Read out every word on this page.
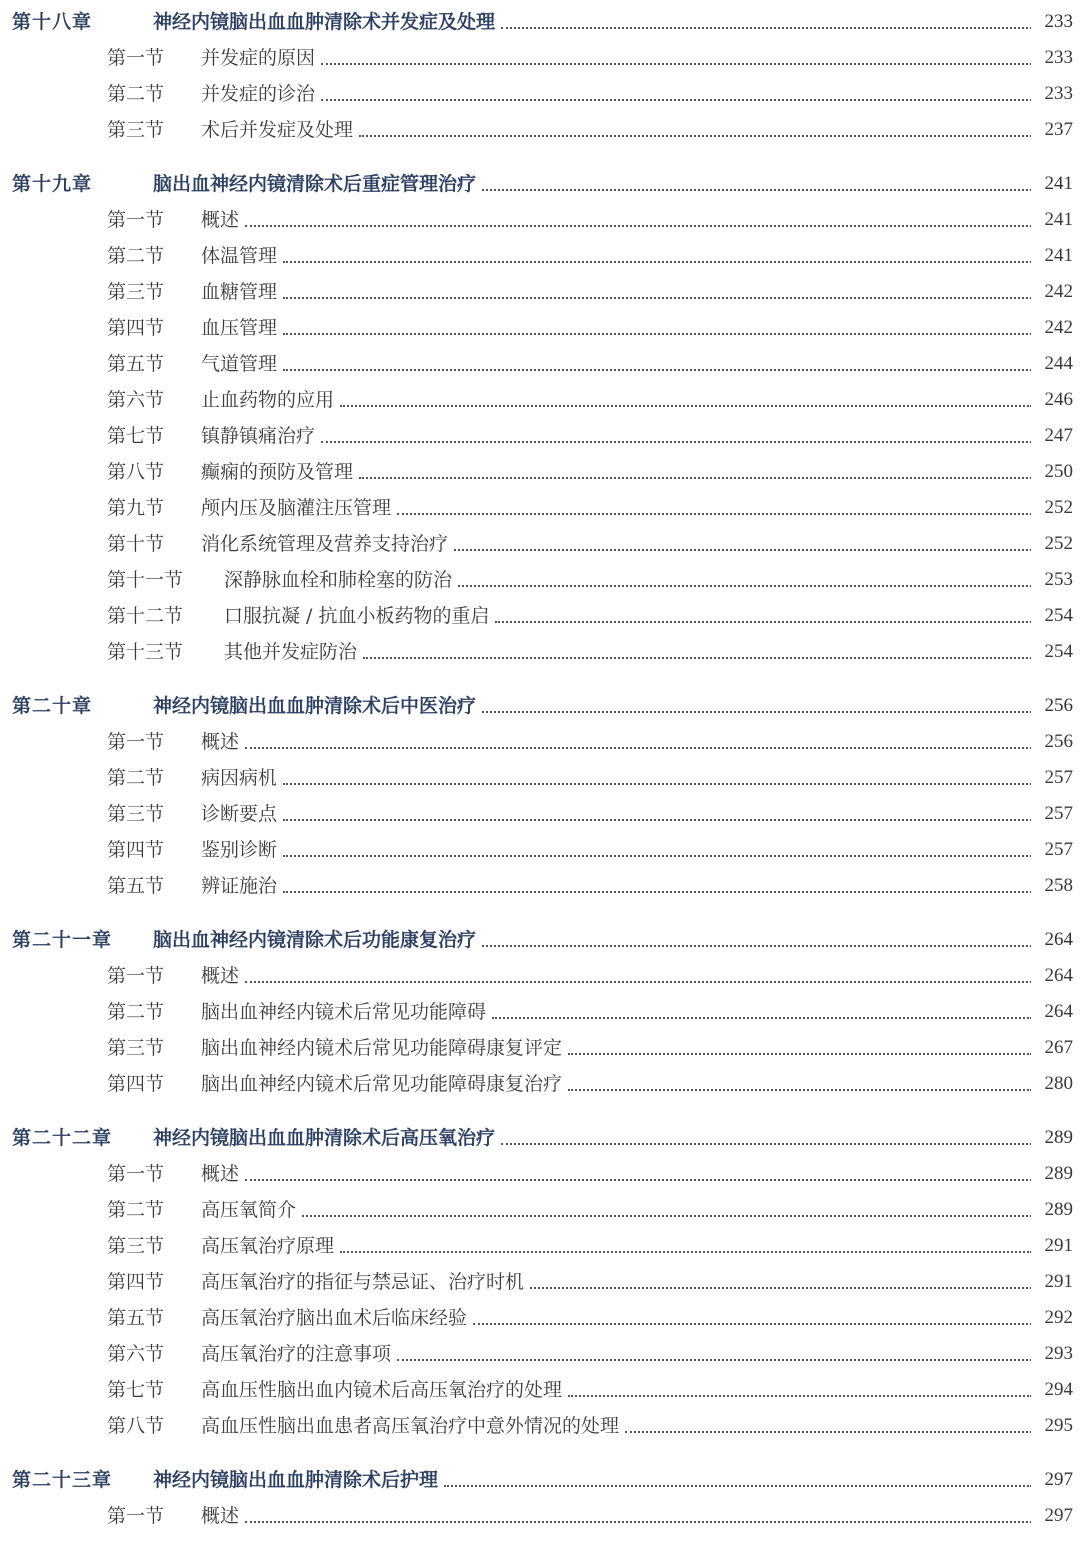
第十八章	神经内镜脑出血血肿清除术并发症及处理	233
第一节 并发症的原因	233
第二节 并发症的诊治	233
第三节 术后并发症及处理	237
第十九章	脑出血神经内镜清除术后重症管理治疗	241
第一节 概述	241
第二节 体温管理	241
第三节 血糖管理	242
第四节 血压管理	242
第五节 气道管理	244
第六节 止血药物的应用	246
第七节 镇静镇痛治疗	247
第八节 癫痫的预防及管理	250
第九节 颅内压及脑灌注压管理	252
第十节 消化系统管理及营养支持治疗	252
第十一节 深静脉血栓和肺栓塞的防治	253
第十二节 口服抗凝 / 抗血小板药物的重启	254
第十三节 其他并发症防治	254
第二十章	神经内镜脑出血血肿清除术后中医治疗	256
第一节 概述	256
第二节 病因病机	257
第三节 诊断要点	257
第四节 鉴别诊断	257
第五节 辨证施治	258
第二十一章 脑出血神经内镜清除术后功能康复治疗	264
第一节 概述	264
第二节 脑出血神经内镜术后常见功能障碍	264
第三节 脑出血神经内镜术后常见功能障碍康复评定	267
第四节 脑出血神经内镜术后常见功能障碍康复治疗	280
第二十二章 神经内镜脑出血血肿清除术后高压氧治疗	289
第一节 概述	289
第二节 高压氧简介	289
第三节 高压氧治疗原理	291
第四节 高压氧治疗的指征与禁忌证、治疗时机	291
第五节 高压氧治疗脑出血术后临床经验	292
第六节 高压氧治疗的注意事项	293
第七节 高血压性脑出血内镜术后高压氧治疗的处理	294
第八节 高血压性脑出血患者高压氧治疗中意外情况的处理	295
第二十三章 神经内镜脑出血血肿清除术后护理	297
第一节 概述	297
